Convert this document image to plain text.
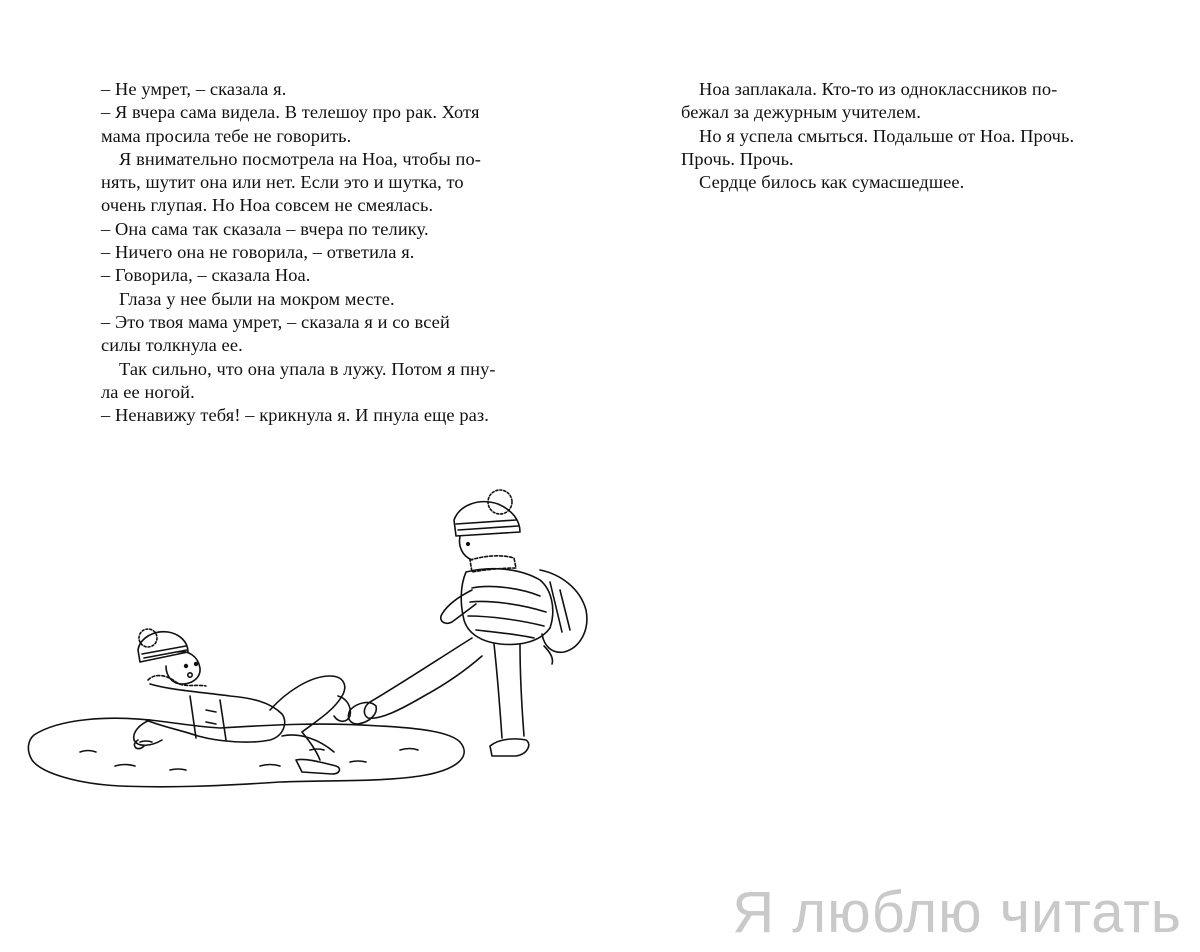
– Не умрет, – сказала я.
– Я вчера сама видела. В телешоу про рак. Хотя
мама просила тебе не говорить.
Я внимательно посмотрела на Ноа, чтобы по-
нять, шутит она или нет. Если это и шутка, то
очень глупая. Но Ноа совсем не смеялась.
– Она сама так сказала – вчера по телику.
– Ничего она не говорила, – ответила я.
– Говорила, – сказала Ноа.
Глаза у нее были на мокром месте.
– Это твоя мама умрет, – сказала я и со всей
силы толкнула ее.
Так сильно, что она упала в лужу. Потом я пну-
ла ее ногой.
– Ненавижу тебя! – крикнула я. И пнула еще раз.
Ноа заплакала. Кто-то из одноклассников по-
бежал за дежурным учителем.
Но я успела смыться. Подальше от Ноа. Прочь.
Прочь. Прочь.
Сердце билось как сумасшедшее.
Я люблю читать
